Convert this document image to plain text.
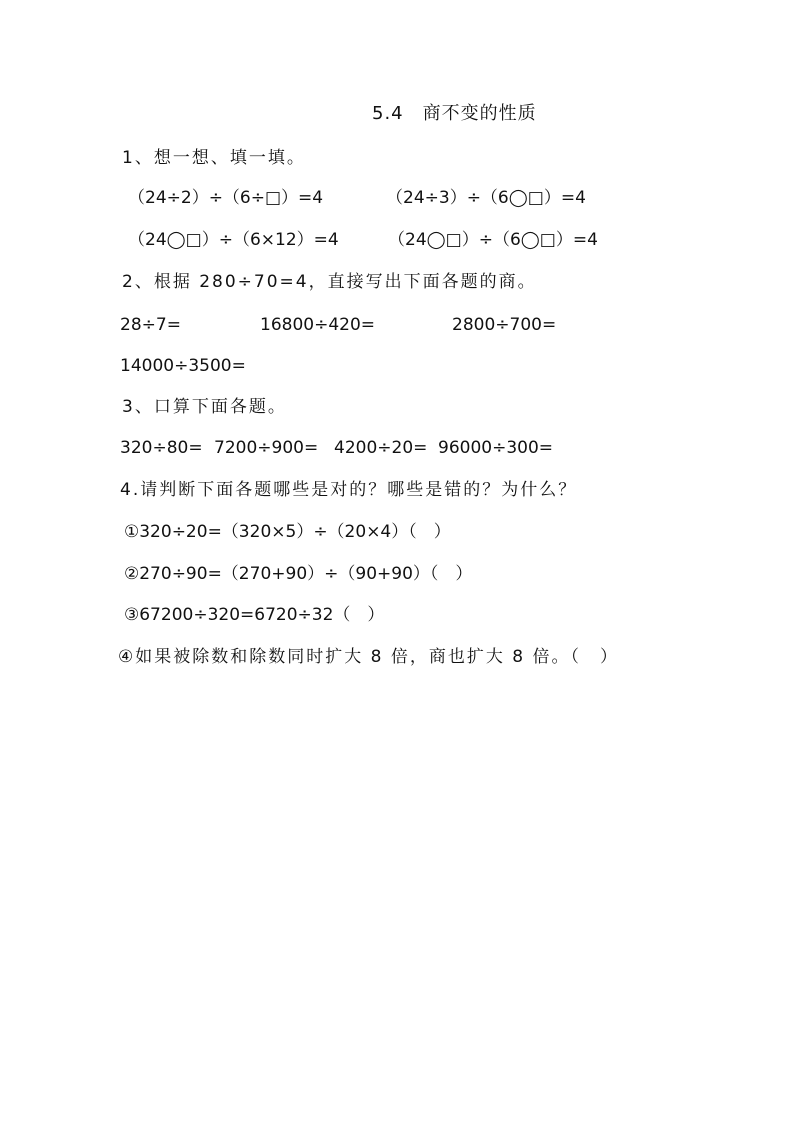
5.4　商不变的性质
1、想一想、填一填。
（24÷2）÷（6÷□）=4	（24÷3）÷（6◯□）=4
（24◯□）÷（6×12）=4	（24◯□）÷（6◯□）=4
2、根据 280÷70=4，直接写出下面各题的商。
28÷7=	16800÷420=	2800÷700=
14000÷3500=
3、口算下面各题。
320÷80= 7200÷900= 4200÷20= 96000÷300=
4.请判断下面各题哪些是对的？哪些是错的？为什么？
①320÷20=（320×5）÷（20×4）（　）
②270÷90=（270+90）÷（90+90）（　）
③67200÷320=6720÷32（　）
④如果被除数和除数同时扩大 8 倍，商也扩大 8 倍。（　）
